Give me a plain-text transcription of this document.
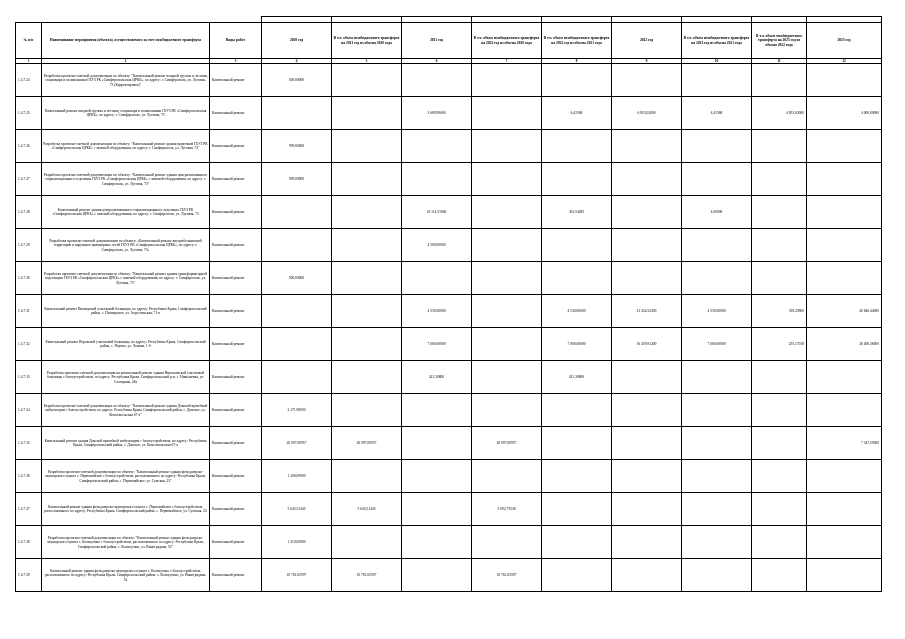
№ п/п	Наименование мероприятия (объекта), осуществляемого за счет межбюджетного трансферта	Виды работ	2020 год	В т.ч. объем межбюджетного трансферта на 2021 год из объема 2020 года	2021 год	В т.ч. объем межбюджетного трансферта на 2022 год из объема 2020 года	В т.ч. объем межбюджетного трансферта на 2022 год из объема 2021 года	2022 год	В т.ч. объем межбюджетного трансферта на 2023 год из объема 2021 года	В т.ч. объем межбюджетного трансферта на 2023 год из объема 2022 года	2023 год
1	2	3	4	5	6	7	8	9	10	11	12
1.4.7.24	Разработка проектно-сметной документации по объекту: "Капитальный ремонт входной группы и лестниц стационара и поликлиники ГБУЗ РК «Симферопольская ЦРКБ», по адресу: г. Симферополь, ул. Луговая, 73 (Корректировка)"	Капитальный ремонт	500,00000								
1.4.7.25	Капитальный ремонт входной группы и лестниц стационара и поликлиники ГБУЗ РК «Симферопольская ЦРКБ», по адресу: г. Симферополь, ул. Луговая, 73	Капитальный ремонт			3 689,99600		6,41568	6 853,02000	4,41568	4 853,02000	4 000,00000
1.4.7.26	Разработка проектно-сметной документации по объекту: "Капитальный ремонт здания прачечной ГБУЗ РК «Симферопольская ЦРКБ» с заменой оборудования, по адресу: г. Симферополь, ул. Луговая, 73"	Капитальный ремонт	599,00000								
1.4.7.27	Разработка проектно-сметной документации по объекту: "Капитальный ремонт здания централизованного стерилизационного отделения ГБУЗ РК «Симферопольская ЦРКБ» с заменой оборудования, по адресу: г. Симферополь, ул. Луговая, 73"	Капитальный ремонт	599,00000								
1.4.7.28	Капитальный ремонт здания централизованного стерилизационного отделения ГБУЗ РК «Симферопольская ЦРКБ» с заменой оборудования, по адресу: г. Симферополь, ул. Луговая, 73	Капитальный ремонт			18 114,51940		301,54285		4,00000		
1.4.7.29	Разработка проектно-сметной документации по объекту: «Капитальный ремонт внутрибольничной территории и наружных инженерных сетей ГБУЗ РК «Симферопольская ЦРКБ», по адресу: г. Симферополь, ул. Луговая, 73»	Капитальный ремонт			4 500,00000						
1.4.7.30	Разработка проектно-сметной документации по объекту: "Капитальный ремонт здания трансформаторной подстанции ГБУЗ РК «Симферопольская ЦРКБ» с заменой оборудования, по адресу: г. Симферополь, ул. Луговая, 73"	Капитальный ремонт	500,00000								
1.4.7.31	Капитальный ремонт Пионерской участковой больницы, по адресу: Республика Крым, Симферопольский район, с. Пионерское, ул. Агрустинская, 71-а	Капитальный ремонт			4 530,00000		4 530,00000	21 432,52300	4 530,00000	539,25800	40 846,44000
1.4.7.32	Капитальный ремонт Перовской участковой больницы, по адресу: Республика Крым, Симферопольский район, с. Перово, ул. Ленина, 1-б	Капитальный ремонт			7 000,00000		7 000,00000	16 459,91200	7 000,00000	255,17018	26 400,36000
1.4.7.33	Разработка проектно-сметной документации на капитальный ремонт здания Николаевской участковой больницы с благоустройством, по адресу: Республика Крым, Симферопольский р-н, с. Николаевка, ул. Салгирная, 28а	Капитальный ремонт			421,30800		421,30800				
1.4.7.34	Разработка проектно-сметной документации по объекту: "Капитальный ремонт здания Доковой врачебной амбулатории с благоустройством, по адресу: Республика Крым, Симферопольский район, с. Донское, ул. Комсомольская 67-а"	Капитальный ремонт	2 171,90000								
1.4.7.35	Капитальный ремонт здания Донской врачебной амбулатории с благоустройством, по адресу: Республика Крым, Симферопольский район, с. Донское, ул. Комсомольская 67-а	Капитальный ремонт	20 097,00957	20 097,00957		20 097,00957					7 347,55000
1.4.7.36	Разработка проектно-сметной документации по объекту: "Капитальный ремонт здания фельдшерско-акушерского пункта с. Первомайское с благоустройством, расположенного по адресу: Республика Крым, Симферопольский район, с. Первомайское, ул. Сумская, 23"	Капитальный ремонт	1 200,09900								
1.4.7.37	Капитальный ремонт здания фельдшерско-акушерского пункта с. Первомайское с благоустройством, расположенного по адресу: Республика Крым, Симферопольский район, с. Первомайское, ул. Сумская, 23	Капитальный ремонт	5 645,51445	5 645,51445		5 092,75548					
1.4.7.38	Разработка проектно-сметной документации по объекту: "Капитальный ремонт здания фельдшерско-акушерского пункта с. Кольчугино с благоустройством, расположенного по адресу: Республика Крым, Симферопольский район, с. Кольчугино, ул. Виноградная, 52"	Капитальный ремонт	1 219,65000								
1.4.7.39	Капитальный ремонт здания фельдшерско-акушерского пункта с. Кольчугино с благоустройством, расположенного по адресу: Республика Крым, Симферопольский район, с. Кольчугино, ул. Виноградная, 52	Капитальный ремонт	10 761,65597	10 761,65597		10 761,65597					
